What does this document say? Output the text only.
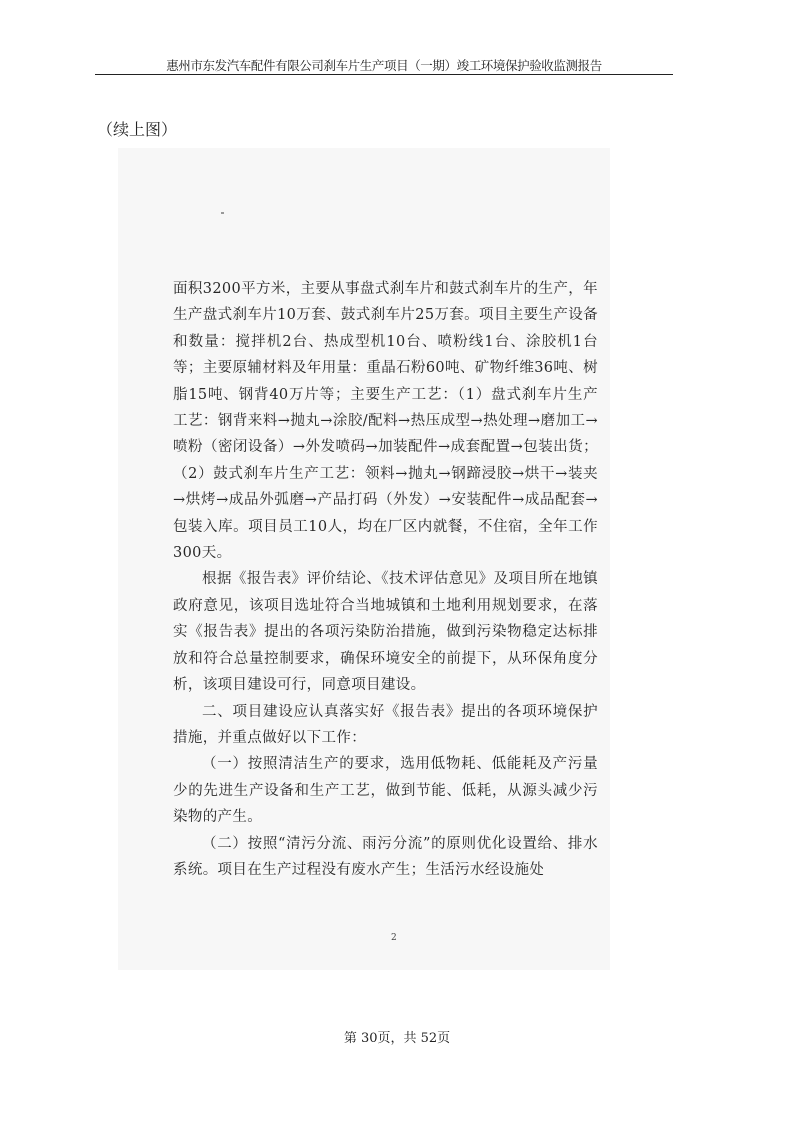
惠州市东发汽车配件有限公司刹车片生产项目（一期）竣工环境保护验收监测报告
（续上图）

面积3200平方米，主要从事盘式刹车片和鼓式刹车片的生产，年生产盘式刹车片10万套、鼓式刹车片25万套。项目主要生产设备和数量：搅拌机2台、热成型机10台、喷粉线1台、涂胶机1台等；主要原辅材料及年用量：重晶石粉60吨、矿物纤维36吨、树脂15吨、钢背40万片等；主要生产工艺：（1）盘式刹车片生产工艺：钢背来料→抛丸→涂胶/配料→热压成型→热处理→磨加工→喷粉（密闭设备）→外发喷码→加装配件→成套配置→包装出货；（2）鼓式刹车片生产工艺：领料→抛丸→钢蹄浸胶→烘干→装夹→烘烤→成品外弧磨→产品打码（外发）→安装配件→成品配套→包装入库。项目员工10人，均在厂区内就餐，不住宿，全年工作300天。

根据《报告表》评价结论、《技术评估意见》及项目所在地镇政府意见，该项目选址符合当地城镇和土地利用规划要求，在落实《报告表》提出的各项污染防治措施，做到污染物稳定达标排放和符合总量控制要求，确保环境安全的前提下，从环保角度分析，该项目建设可行，同意项目建设。

二、项目建设应认真落实好《报告表》提出的各项环境保护措施，并重点做好以下工作：

（一）按照清洁生产的要求，选用低物耗、低能耗及产污量少的先进生产设备和生产工艺，做到节能、低耗，从源头减少污染物的产生。

（二）按照“清污分流、雨污分流”的原则优化设置给、排水系统。项目在生产过程没有废水产生；生活污水经设施处

2
第 30页，共 52页
